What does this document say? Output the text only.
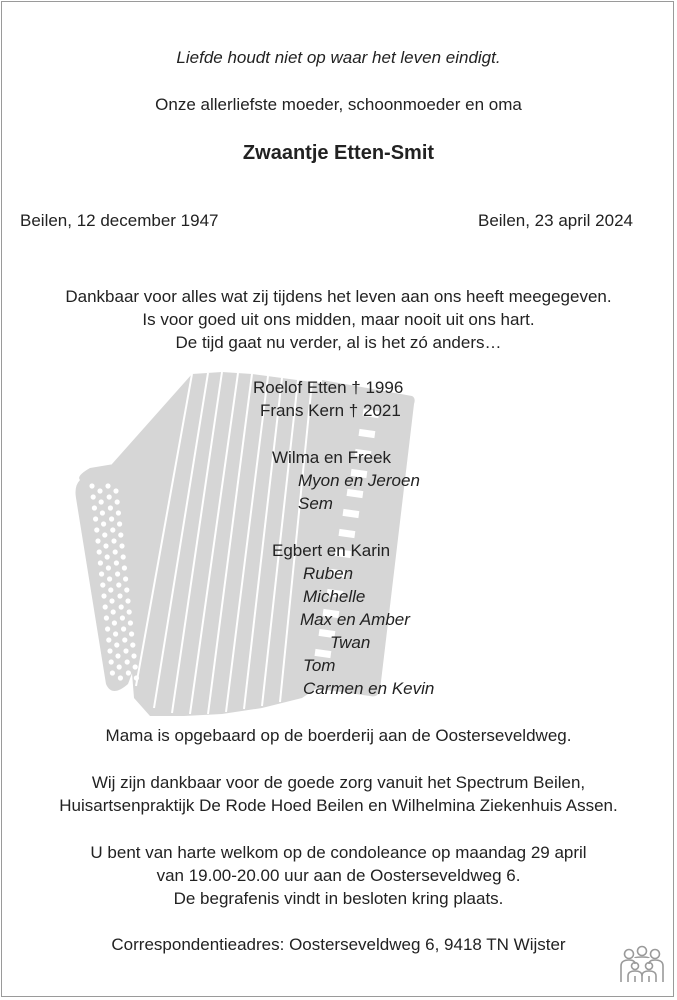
Liefde houdt niet op waar het leven eindigt.
Onze allerliefste moeder, schoonmoeder en oma
Zwaantje Etten-Smit
Beilen, 12 december 1947	Beilen, 23 april 2024
Dankbaar voor alles wat zij tijdens het leven aan ons heeft meegegeven.
Is voor goed uit ons midden, maar nooit uit ons hart.
De tijd gaat nu verder, al is het zó anders…
Roelof Etten † 1996
Frans Kern † 2021
Wilma en Freek
Myon en Jeroen
Sem
Egbert en Karin
Ruben
Michelle
Max en Amber
Twan
Tom
Carmen en Kevin
Mama is opgebaard op de boerderij aan de Oosterseveldweg.
Wij zijn dankbaar voor de goede zorg vanuit het Spectrum Beilen,
Huisartsenpraktijk De Rode Hoed Beilen en Wilhelmina Ziekenhuis Assen.
U bent van harte welkom op de condoleance op maandag 29 april
van 19.00-20.00 uur aan de Oosterseveldweg 6.
De begrafenis vindt in besloten kring plaats.
Correspondentieadres: Oosterseveldweg 6, 9418 TN Wijster
